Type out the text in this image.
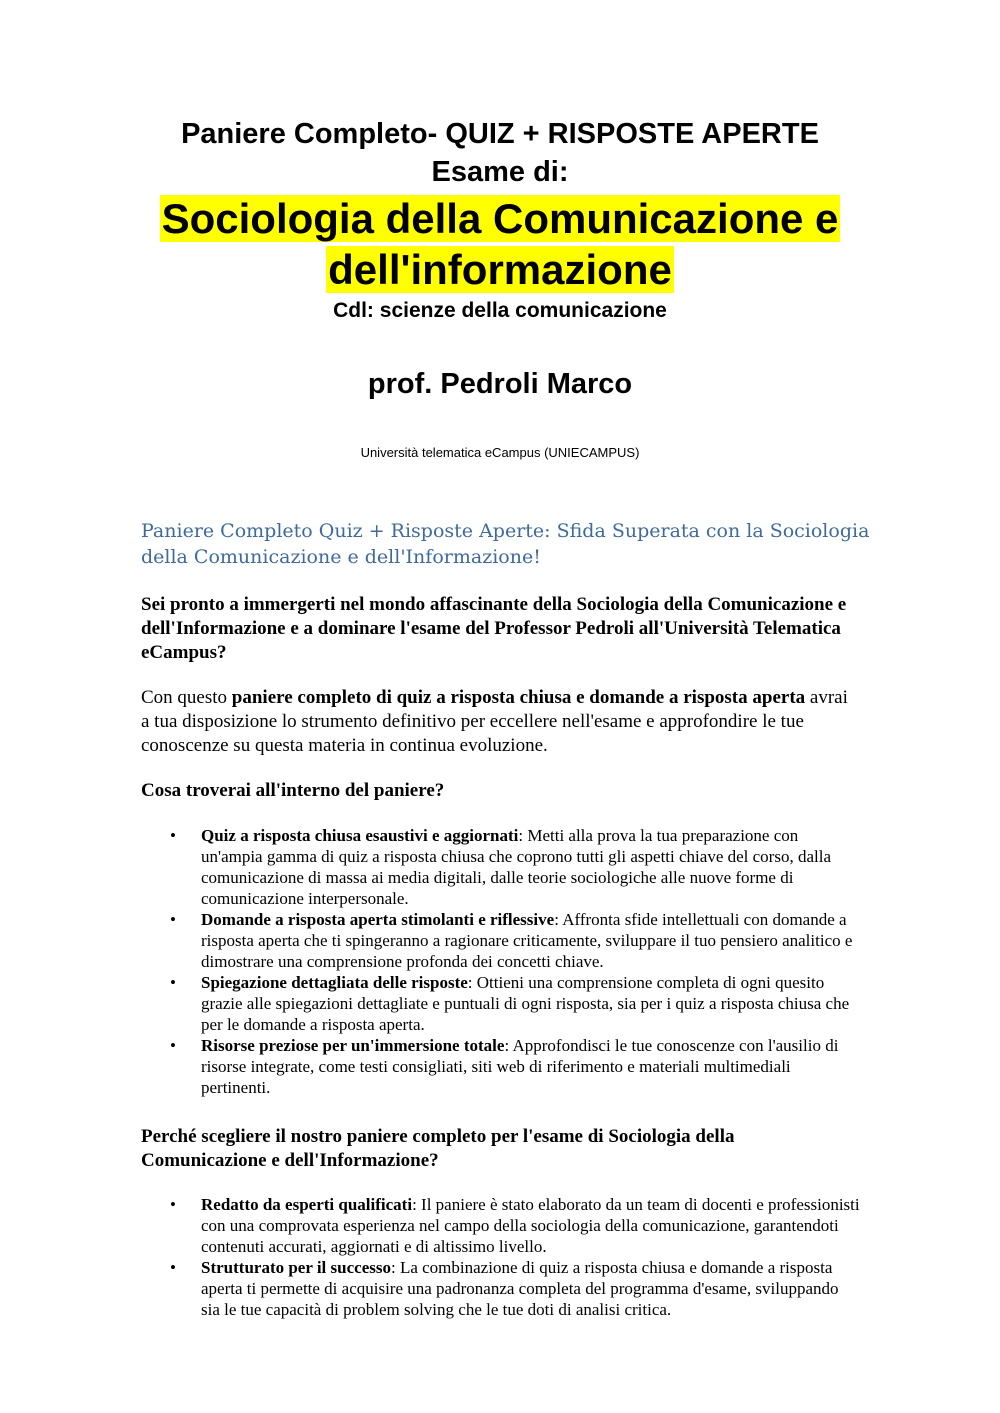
Paniere Completo- QUIZ + RISPOSTE APERTE

Esame di:

Sociologia della Comunicazione e

dell'informazione

Cdl: scienze della comunicazione

prof. Pedroli Marco

Università telematica eCampus (UNIECAMPUS)

Paniere Completo Quiz + Risposte Aperte: Sfida Superata con la Sociologia della Comunicazione e dell'Informazione!
Sei pronto a immergerti nel mondo affascinante della Sociologia della Comunicazione e dell'Informazione e a dominare l'esame del Professor Pedroli all'Università Telematica eCampus?
Con questo paniere completo di quiz a risposta chiusa e domande a risposta aperta avrai a tua disposizione lo strumento definitivo per eccellere nell'esame e approfondire le tue conoscenze su questa materia in continua evoluzione.
Cosa troverai all'interno del paniere?
• Quiz a risposta chiusa esaustivi e aggiornati: Metti alla prova la tua preparazione con un'ampia gamma di quiz a risposta chiusa che coprono tutti gli aspetti chiave del corso, dalla comunicazione di massa ai media digitali, dalle teorie sociologiche alle nuove forme di comunicazione interpersonale.
• Domande a risposta aperta stimolanti e riflessive: Affronta sfide intellettuali con domande a risposta aperta che ti spingeranno a ragionare criticamente, sviluppare il tuo pensiero analitico e dimostrare una comprensione profonda dei concetti chiave.
• Spiegazione dettagliata delle risposte: Ottieni una comprensione completa di ogni quesito grazie alle spiegazioni dettagliate e puntuali di ogni risposta, sia per i quiz a risposta chiusa che per le domande a risposta aperta.
• Risorse preziose per un'immersione totale: Approfondisci le tue conoscenze con l'ausilio di risorse integrate, come testi consigliati, siti web di riferimento e materiali multimediali pertinenti.
Perché scegliere il nostro paniere completo per l'esame di Sociologia della Comunicazione e dell'Informazione?
• Redatto da esperti qualificati: Il paniere è stato elaborato da un team di docenti e professionisti con una comprovata esperienza nel campo della sociologia della comunicazione, garantendoti contenuti accurati, aggiornati e di altissimo livello.
• Strutturato per il successo: La combinazione di quiz a risposta chiusa e domande a risposta aperta ti permette di acquisire una padronanza completa del programma d'esame, sviluppando sia le tue capacità di problem solving che le tue doti di analisi critica.
